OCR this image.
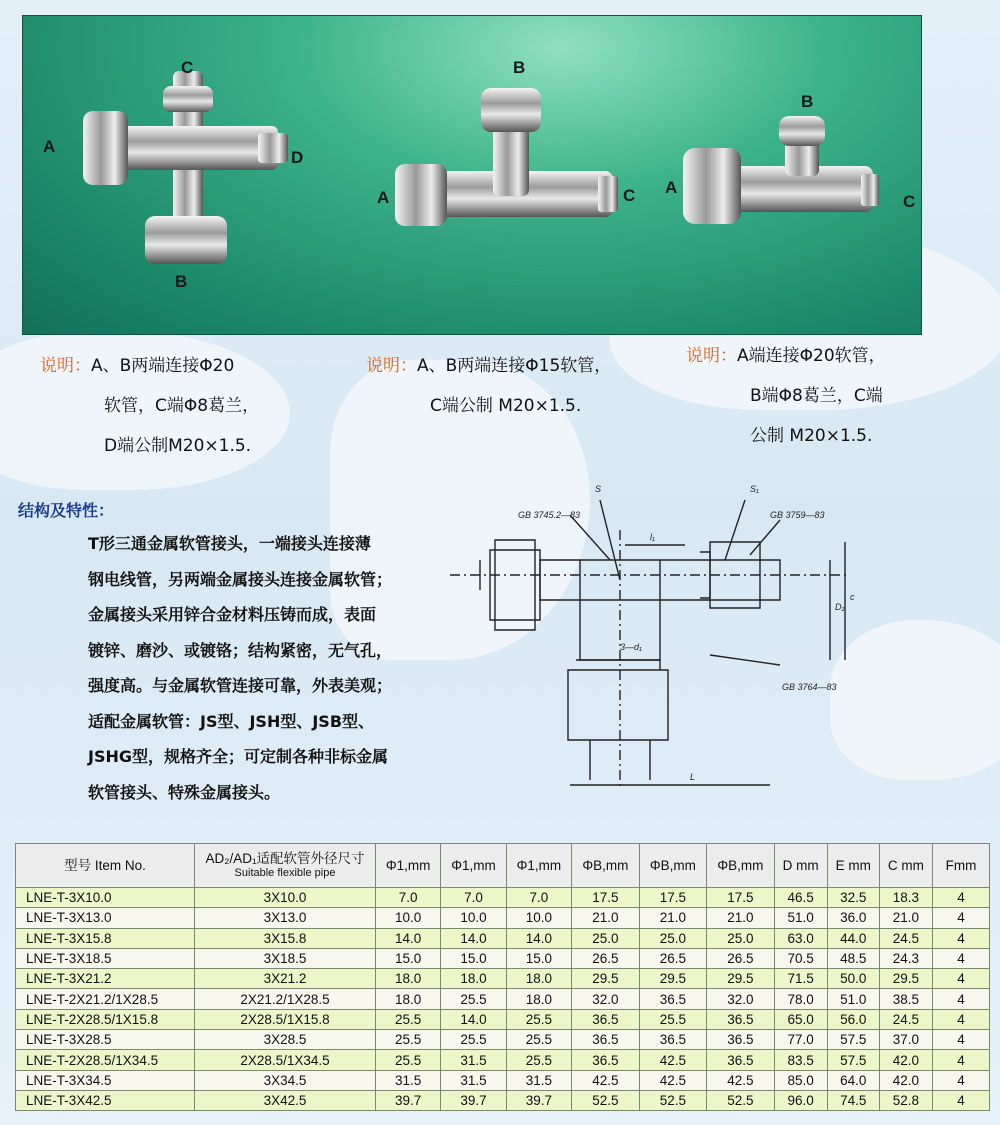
A
B
C
D
A
B
C A
B
C
说明：A、B两端连接Φ20
软管，C端Φ8葛兰，
D端公制M20×1.5.
说明：A、B两端连接Φ15软管，
C端公制 M20×1.5.
说明：A端连接Φ20软管，
B端Φ8葛兰，C端
公制 M20×1.5.
结构及特性：
T形三通金属软管接头，一端接头连接薄
钢电线管，另两端金属接头连接金属软管；
金属接头采用锌合金材料压铸而成，表面
镀锌、磨沙、或镀铬；结构紧密，无气孔，
强度高。与金属软管连接可靠，外表美观；
适配金属软管：JS型、JSH型、JSB型、
JSHG型，规格齐全；可定制各种非标金属
软管接头、特殊金属接头。
S	S₁
l₁
GB 3745.2—83	GB 3759—83
GB 3764—83
3—d₁
D₁
c
L
型号 Item No.	AD₂/AD₁适配软管外径尺寸
Suitable flexible pipe	Φ1,mm	Φ1,mm	Φ1,mm	ΦB,mm	ΦB,mm	ΦB,mm	D mm	E mm	C mm	Fmm
LNE-T-3X10.0	3X10.0	7.0	7.0	7.0	17.5	17.5	17.5	46.5	32.5	18.3	4
LNE-T-3X13.0	3X13.0	10.0	10.0	10.0	21.0	21.0	21.0	51.0	36.0	21.0	4
LNE-T-3X15.8	3X15.8	14.0	14.0	14.0	25.0	25.0	25.0	63.0	44.0	24.5	4
LNE-T-3X18.5	3X18.5	15.0	15.0	15.0	26.5	26.5	26.5	70.5	48.5	24.3	4
LNE-T-3X21.2	3X21.2	18.0	18.0	18.0	29.5	29.5	29.5	71.5	50.0	29.5	4
LNE-T-2X21.2/1X28.5	2X21.2/1X28.5	18.0	25.5	18.0	32.0	36.5	32.0	78.0	51.0	38.5	4
LNE-T-2X28.5/1X15.8	2X28.5/1X15.8	25.5	14.0	25.5	36.5	25.5	36.5	65.0	56.0	24.5	4
LNE-T-3X28.5	3X28.5	25.5	25.5	25.5	36.5	36.5	36.5	77.0	57.5	37.0	4
LNE-T-2X28.5/1X34.5	2X28.5/1X34.5	25.5	31.5	25.5	36.5	42.5	36.5	83.5	57.5	42.0	4
LNE-T-3X34.5	3X34.5	31.5	31.5	31.5	42.5	42.5	42.5	85.0	64.0	42.0	4
LNE-T-3X42.5	3X42.5	39.7	39.7	39.7	52.5	52.5	52.5	96.0	74.5	52.8	4
